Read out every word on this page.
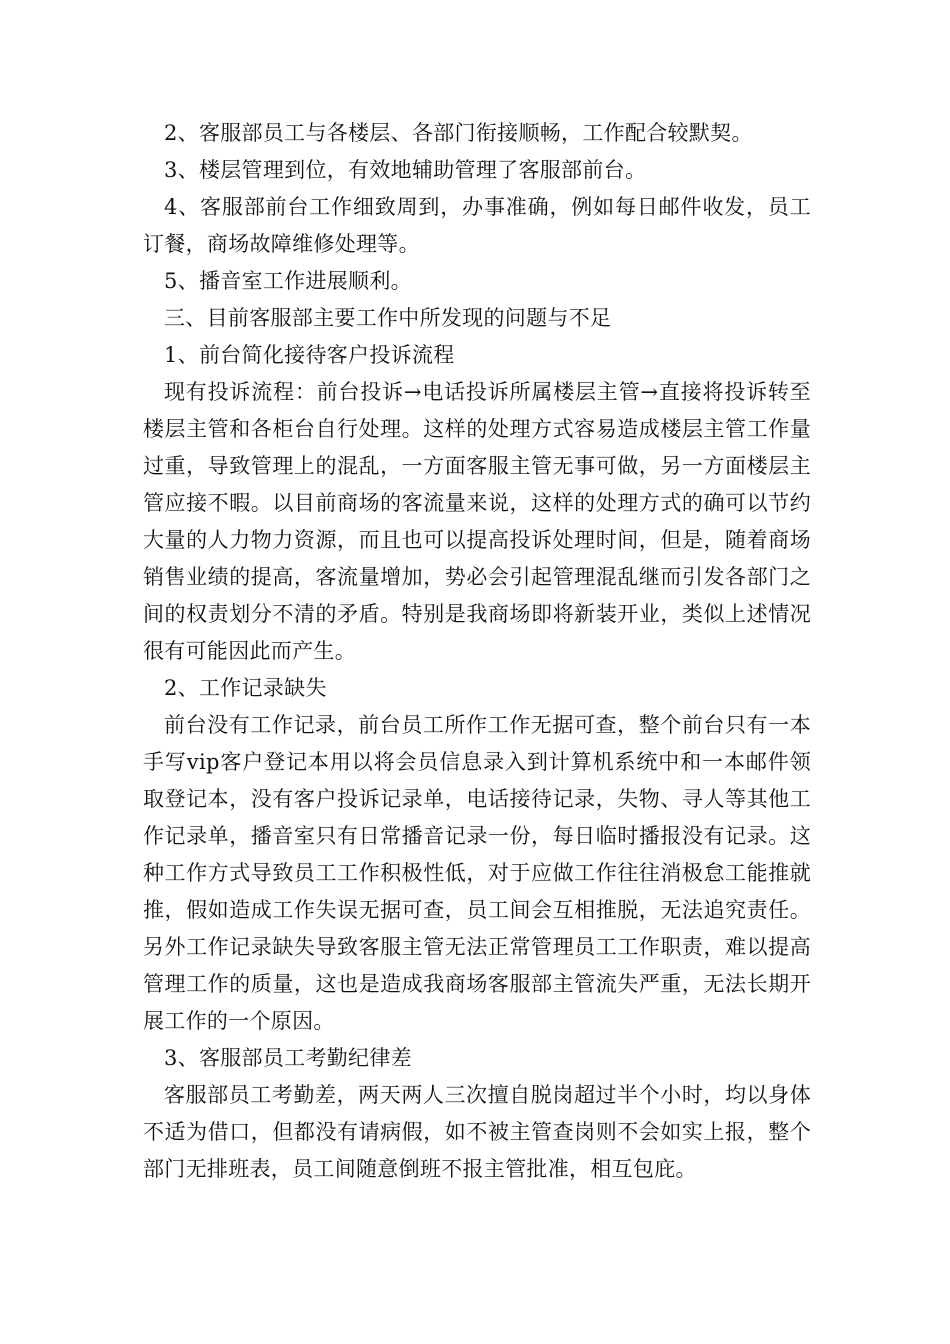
2、客服部员工与各楼层、各部门衔接顺畅，工作配合较默契。

3、楼层管理到位，有效地辅助管理了客服部前台。

4、客服部前台工作细致周到，办事准确，例如每日邮件收发，员工订餐，商场故障维修处理等。

5、播音室工作进展顺利。

三、目前客服部主要工作中所发现的问题与不足

1、前台简化接待客户投诉流程

现有投诉流程：前台投诉→电话投诉所属楼层主管→直接将投诉转至楼层主管和各柜台自行处理。这样的处理方式容易造成楼层主管工作量过重，导致管理上的混乱，一方面客服主管无事可做，另一方面楼层主管应接不暇。以目前商场的客流量来说，这样的处理方式的确可以节约大量的人力物力资源，而且也可以提高投诉处理时间，但是，随着商场销售业绩的提高，客流量增加，势必会引起管理混乱继而引发各部门之间的权责划分不清的矛盾。特别是我商场即将新装开业，类似上述情况很有可能因此而产生。

2、工作记录缺失

前台没有工作记录，前台员工所作工作无据可查，整个前台只有一本手写vip客户登记本用以将会员信息录入到计算机系统中和一本邮件领取登记本，没有客户投诉记录单，电话接待记录，失物、寻人等其他工作记录单，播音室只有日常播音记录一份，每日临时播报没有记录。这种工作方式导致员工工作积极性低，对于应做工作往往消极怠工能推就推，假如造成工作失误无据可查，员工间会互相推脱，无法追究责任。另外工作记录缺失导致客服主管无法正常管理员工工作职责，难以提高管理工作的质量，这也是造成我商场客服部主管流失严重，无法长期开展工作的一个原因。

3、客服部员工考勤纪律差

客服部员工考勤差，两天两人三次擅自脱岗超过半个小时，均以身体不适为借口，但都没有请病假，如不被主管查岗则不会如实上报，整个部门无排班表，员工间随意倒班不报主管批准，相互包庇。
